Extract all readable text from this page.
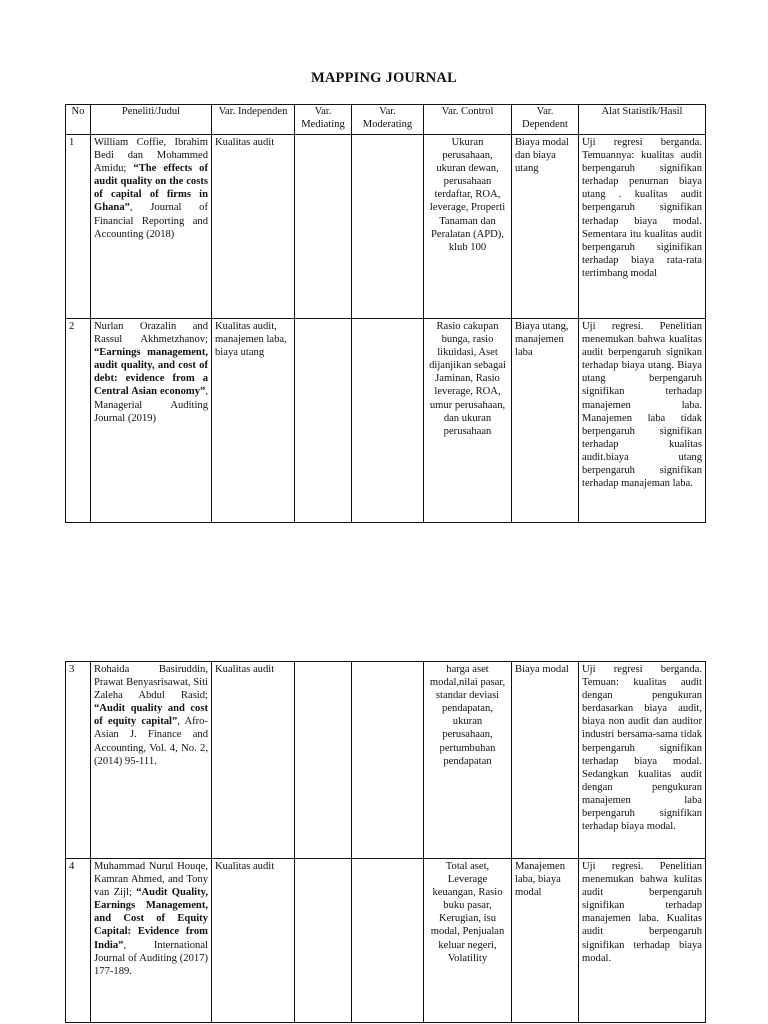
MAPPING JOURNAL
No	Peneliti/Judul	Var. Independen	Var. Mediating	Var. Moderating	Var. Control	Var. Dependent	Alat Statistik/Hasil
1	William Coffie, Ibrahim Bedi dan Mohammed Amidu; “The effects of audit quality on the costs of capital of firms in Ghana”, Journal of Financial Reporting and Accounting (2018)	Kualitas audit			Ukuran perusahaan, ukuran dewan, perusahaan terdaftar, ROA, leverage, Properti Tanaman dan Peralatan (APD), klub 100	Biaya modal dan biaya utang	Uji regresi berganda. Temuannya: kualitas audit berpengaruh signifikan terhadap penurnan biaya utang . kualitas audit berpengaruh signifikan terhadap biaya modal. Sementara itu kualitas audit berpengaruh siginifikan terhadap biaya rata-rata tertimbang modal
2	Nurlan Orazalin and Rassul Akhmetzhanov; “Earnings management, audit quality, and cost of debt: evidence from a Central Asian economy”, Managerial Auditing Journal (2019)	Kualitas audit, manajemen laba, biaya utang			Rasio cakupan bunga, rasio likuidasi, Aset dijanjikan sebagai Jaminan, Rasio leverage, ROA, umur perusahaan, dan ukuran perusahaan	Biaya utang, manajemen laba	Uji regresi. Penelitian menemukan bahwa kualitas audit berpengaruh signikan terhadap biaya utang. Biaya utang berpengaruh signifikan terhadap manajemen laba. Manajemen laba tidak berpengaruh signifikan terhadap kualitas audit.biaya utang berpengaruh signifikan terhadap manajeman laba.
3	Rohaida Basiruddin, Prawat Benyasrisawat, Siti Zaleha Abdul Rasid; “Audit quality and cost of equity capital”, Afro-Asian J. Finance and Accounting, Vol. 4, No. 2, (2014) 95-111.	Kualitas audit			harga aset modal,nilai pasar, standar deviasi pendapatan, ukuran perusahaan, pertumbuhan pendapatan	Biaya modal	Uji regresi berganda. Temuan: kualitas audit dengan pengukuran berdasarkan biaya audit, biaya non audit dan auditor industri bersama-sama tidak berpengaruh signifikan terhadap biaya modal. Sedangkan kualitas audit dengan pengukuran manajemen laba berpengaruh signifikan terhadap biaya modal.
4	Muhammad Nurul Houqe, Kamran Ahmed, and Tony van Zijl; “Audit Quality, Earnings Management, and Cost of Equity Capital: Evidence from India”, International Journal of Auditing (2017) 177-189.	Kualitas audit			Total aset, Leverage keuangan, Rasio buku pasar, Kerugian, isu modal, Penjualan keluar negeri, Volatility	Manajemen laba, biaya modal	Uji regresi. Penelitian menemukan bahwa kulitas audit berpengaruh signifikan terhadap manajemen laba. Kualitas audit berpengaruh signifikan terhadap biaya modal.
